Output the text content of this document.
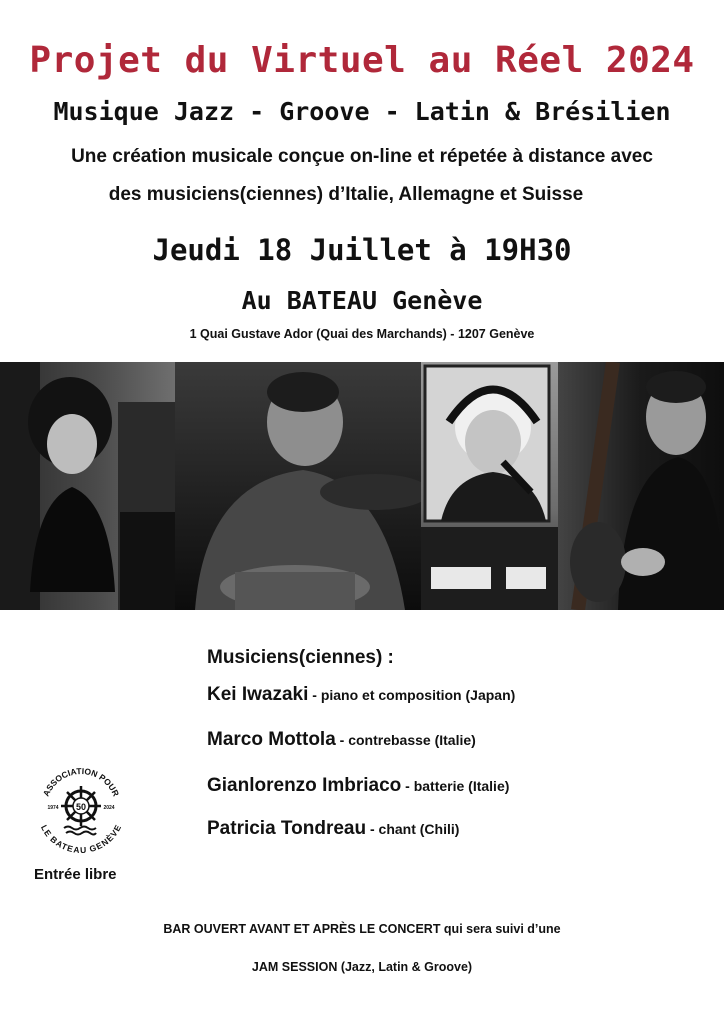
Projet du Virtuel au Réel 2024
Musique Jazz - Groove - Latin & Brésilien
Une création musicale conçue on-line et répetée à distance avec
des musiciens(ciennes) d’Italie, Allemagne et Suisse
Jeudi 18 Juillet à 19H30
Au BATEAU Genève
1 Quai Gustave Ador (Quai des Marchands) - 1207 Genève
Musiciens(ciennes) :
Kei Iwazaki - piano et composition (Japan)
Marco Mottola - contrebasse (Italie)
Gianlorenzo Imbriaco - batterie (Italie)
Patricia Tondreau - chant (Chili)
ASSOCIATION POUR
LE BATEAU GENÈVE
50
1974	2024
Entrée libre
BAR OUVERT AVANT ET APRÈS LE CONCERT qui sera suivi d’une
JAM SESSION (Jazz, Latin & Groove)
